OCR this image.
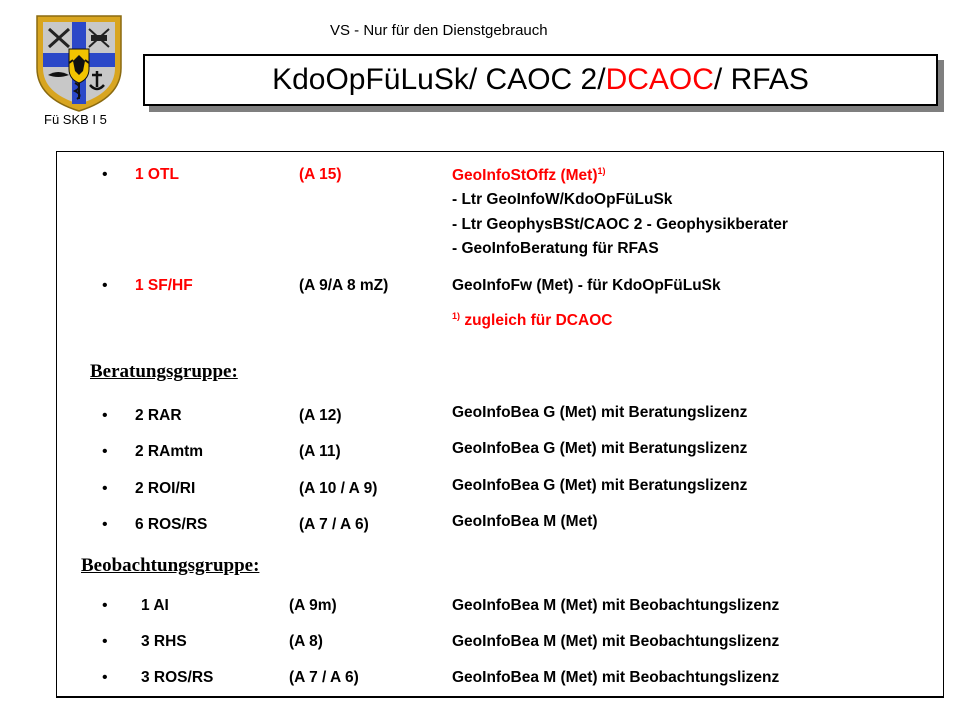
VS - Nur für den Dienstgebrauch
Fü SKB I 5
KdoOpFüLuSk/ CAOC 2/ DCAOC / RFAS
• 1 OTL	(A 15)	GeoInfoStOffz (Met)$^{1)}$
- Ltr GeoInfoW/KdoOpFüLuSk
- Ltr GeophysBSt/CAOC 2 - Geophysikberater
- GeoInfoBeratung für RFAS
• 1 SF/HF	(A 9/A 8 mZ)	GeoInfoFw (Met) - für KdoOpFüLuSk
$^{1)}$ zugleich für DCAOC
Beratungsgruppe:
• 2 RAR	(A 12)	GeoInfoBea G (Met) mit Beratungslizenz
• 2 RAmtm	(A 11)	GeoInfoBea G (Met) mit Beratungslizenz
• 2 ROI/RI	(A 10 / A 9)	GeoInfoBea G (Met) mit Beratungslizenz
• 6 ROS/RS	(A 7 / A 6)	GeoInfoBea M (Met)
Beobachtungsgruppe:
• 1 AI	(A 9m)	GeoInfoBea M (Met) mit Beobachtungslizenz
• 3 RHS	(A 8)	GeoInfoBea M (Met) mit Beobachtungslizenz
• 3 ROS/RS	(A 7 / A 6)	GeoInfoBea M (Met) mit Beobachtungslizenz
